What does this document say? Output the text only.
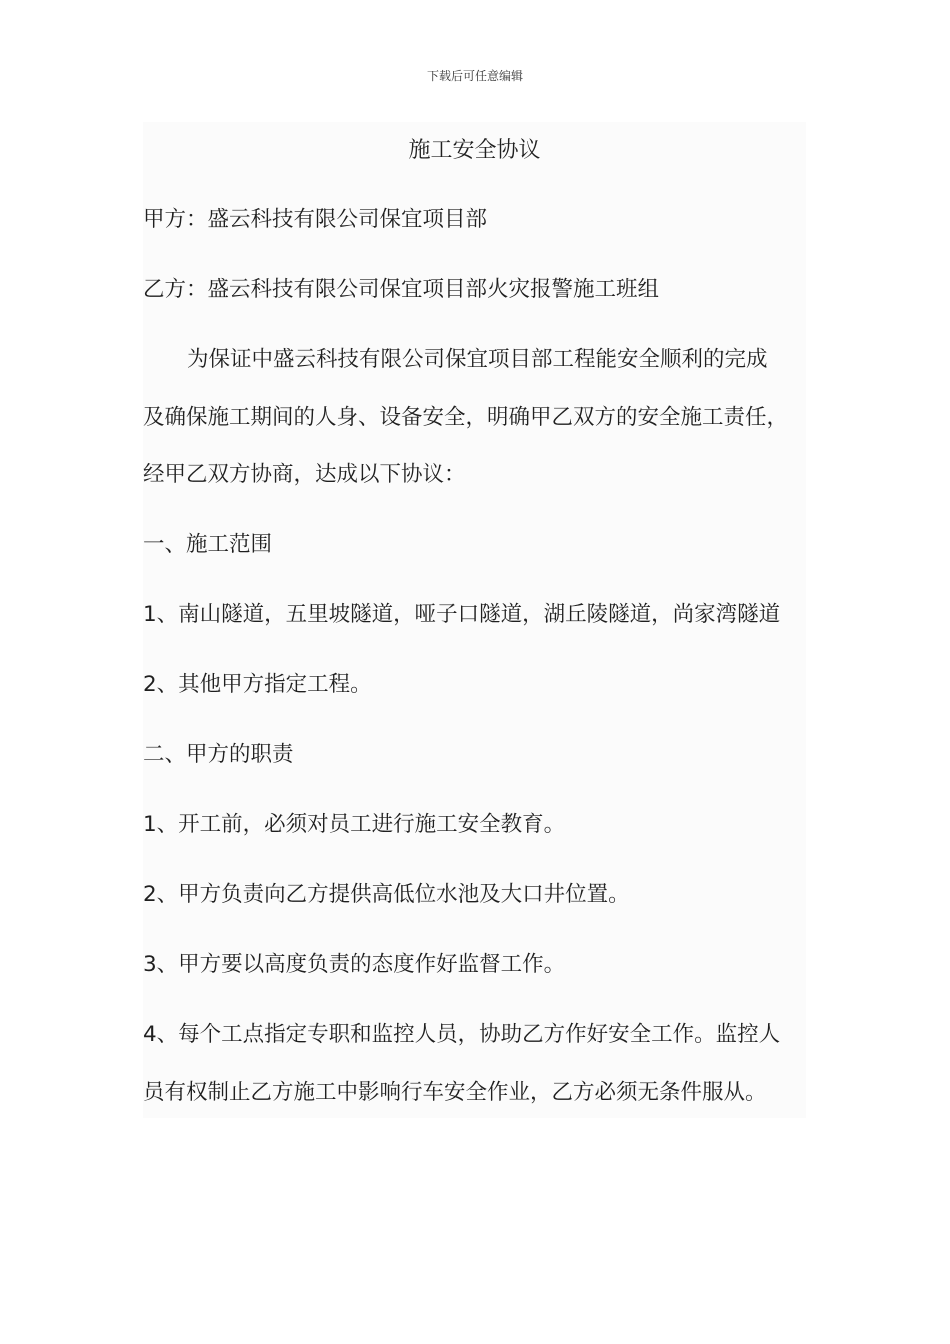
下载后可任意编辑
施工安全协议

甲方：盛云科技有限公司保宜项目部

乙方：盛云科技有限公司保宜项目部火灾报警施工班组

为保证中盛云科技有限公司保宜项目部工程能安全顺利的完成

及确保施工期间的人身、设备安全，明确甲乙双方的安全施工责任，

经甲乙双方协商，达成以下协议：

一、施工范围

1、南山隧道，五里坡隧道，哑子口隧道，湖丘陵隧道，尚家湾隧道

2、其他甲方指定工程。

二、甲方的职责

1、开工前，必须对员工进行施工安全教育。

2、甲方负责向乙方提供高低位水池及大口井位置。

3、甲方要以高度负责的态度作好监督工作。

4、每个工点指定专职和监控人员，协助乙方作好安全工作。监控人

员有权制止乙方施工中影响行车安全作业，乙方必须无条件服从。
